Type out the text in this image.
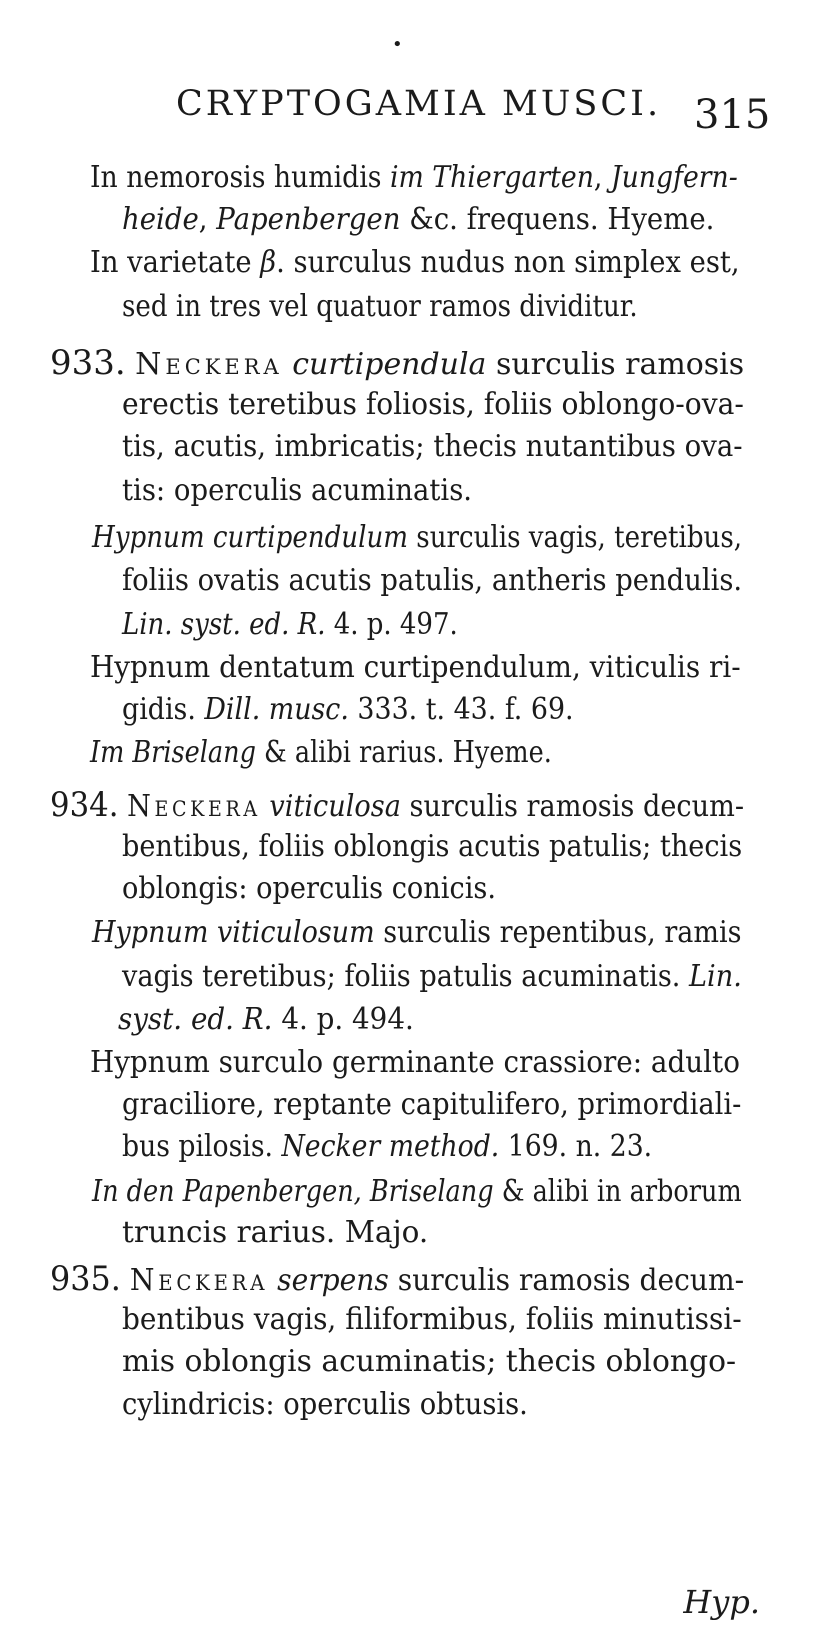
•
CRYPTOGAMIA MUSCI. 315
In nemorosis humidis im Thiergarten, Jungfern-
heide, Papenbergen &c. frequens. Hyeme.
In varietate β. surculus nudus non simplex est,
sed in tres vel quatuor ramos dividitur.
933. Neckera curtipendula surculis ramosis
erectis teretibus foliosis, foliis oblongo-ova-
tis, acutis, imbricatis; thecis nutantibus ova-
tis: operculis acuminatis.
Hypnum curtipendulum surculis vagis, teretibus,
foliis ovatis acutis patulis, antheris pendulis.
Lin. syst. ed. R. 4. p. 497.
Hypnum dentatum curtipendulum, viticulis ri-
gidis. Dill. musc. 333. t. 43. f. 69.
Im Briselang & alibi rarius. Hyeme.
934. Neckera viticulosa surculis ramosis decum-
bentibus, foliis oblongis acutis patulis; thecis
oblongis: operculis conicis.
Hypnum viticulosum surculis repentibus, ramis
vagis teretibus; foliis patulis acuminatis. Lin.
syst. ed. R. 4. p. 494.
Hypnum surculo germinante crassiore: adulto
graciliore, reptante capitulifero, primordiali-
bus pilosis. Necker method. 169. n. 23.
In den Papenbergen, Briselang & alibi in arborum
truncis rarius. Majo.
935. Neckera serpens surculis ramosis decum-
bentibus vagis, filiformibus, foliis minutissi-
mis oblongis acuminatis; thecis oblongo-
cylindricis: operculis obtusis.
Hyp.
